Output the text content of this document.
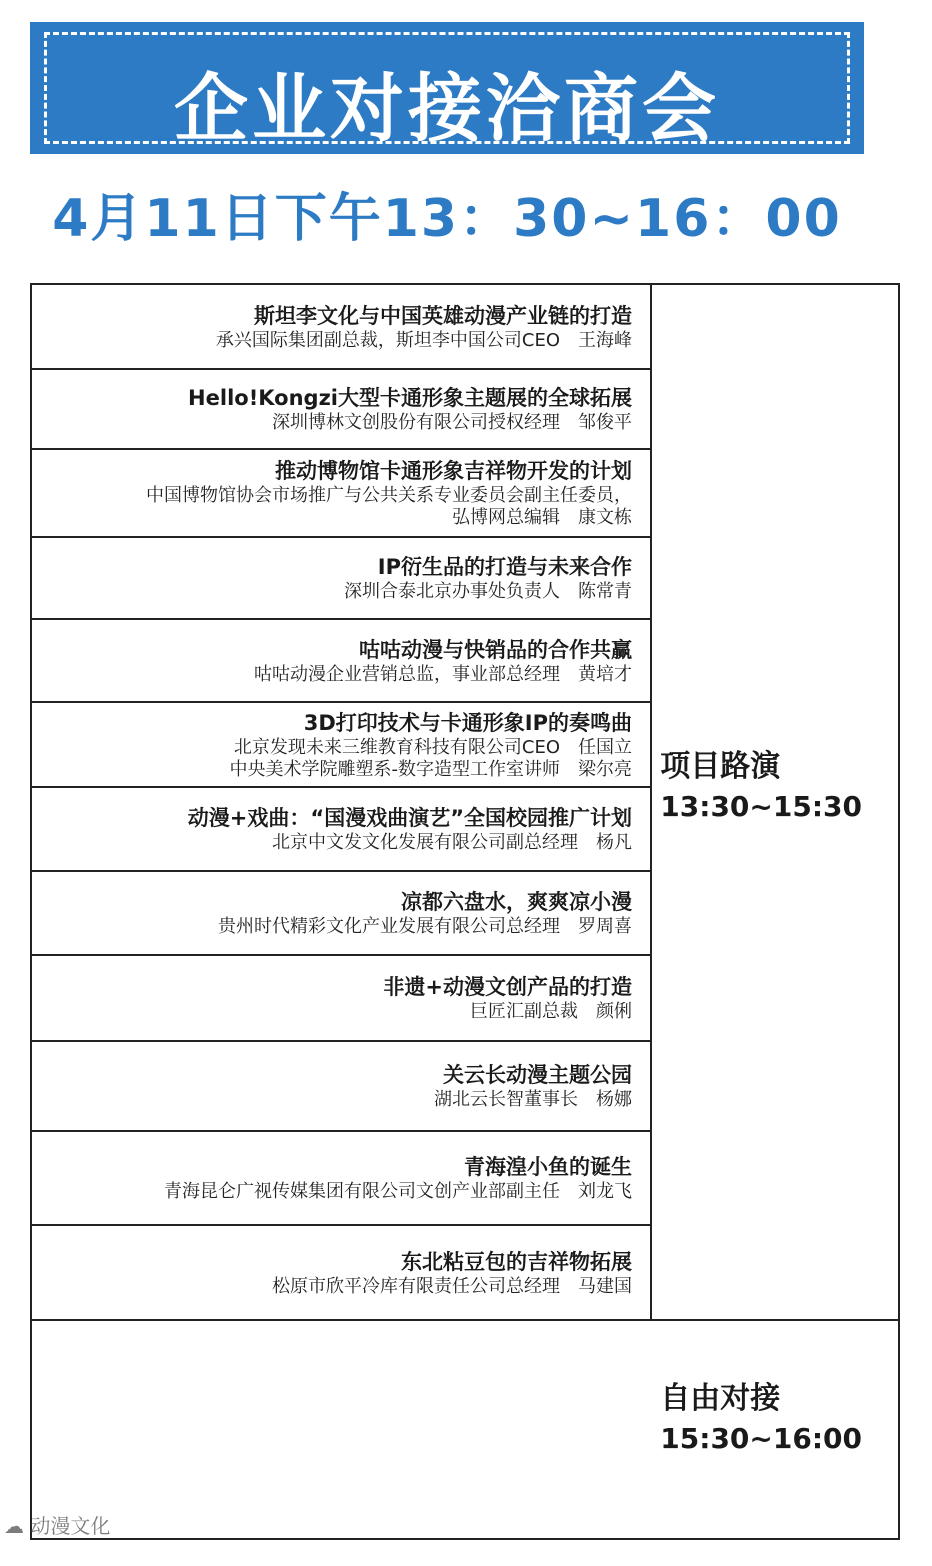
企业对接洽商会
4月11日下午13：30~16：00
斯坦李文化与中国英雄动漫产业链的打造
承兴国际集团副总裁，斯坦李中国公司CEO　王海峰
Hello!Kongzi大型卡通形象主题展的全球拓展
深圳博林文创股份有限公司授权经理　邹俊平
推动博物馆卡通形象吉祥物开发的计划
中国博物馆协会市场推广与公共关系专业委员会副主任委员，
弘博网总编辑　康文栋
IP衍生品的打造与未来合作
深圳合泰北京办事处负责人　陈常青
咕咕动漫与快销品的合作共赢
咕咕动漫企业营销总监，事业部总经理　黄培才
3D打印技术与卡通形象IP的奏鸣曲
北京发现未来三维教育科技有限公司CEO　任国立
中央美术学院雕塑系-数字造型工作室讲师　梁尔亮
动漫+戏曲：“国漫戏曲演艺”全国校园推广计划
北京中文发文化发展有限公司副总经理　杨凡
凉都六盘水，爽爽凉小漫
贵州时代精彩文化产业发展有限公司总经理　罗周喜
非遗+动漫文创产品的打造
巨匠汇副总裁　颜俐
关云长动漫主题公园
湖北云长智董事长　杨娜
青海湟小鱼的诞生
青海昆仑广视传媒集团有限公司文创产业部副主任　刘龙飞
东北粘豆包的吉祥物拓展
松原市欣平冷库有限责任公司总经理　马建国
项目路演
13:30~15:30
自由对接
15:30~16:00
☁ 动漫文化
